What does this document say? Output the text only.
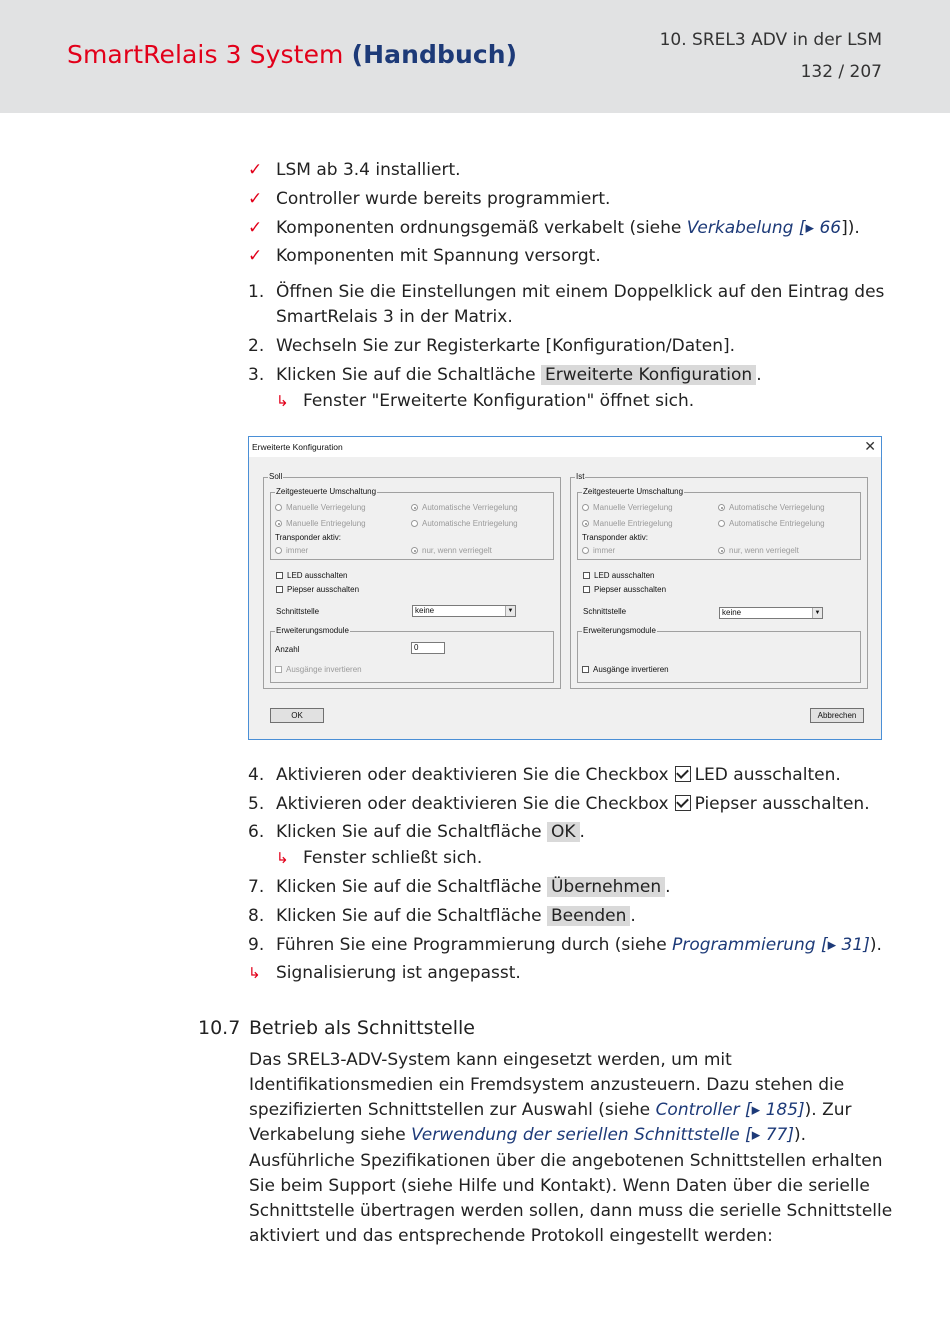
SmartRelais 3 System (Handbuch)	10. SREL3 ADV in der LSM
132 / 207
✓ LSM ab 3.4 installiert.
✓ Controller wurde bereits programmiert.
✓ Komponenten ordnungsgemäß verkabelt (siehe Verkabelung [▸ 66]).
✓ Komponenten mit Spannung versorgt.
1. Öffnen Sie die Einstellungen mit einem Doppelklick auf den Eintrag des
SmartRelais 3 in der Matrix.
2. Wechseln Sie zur Registerkarte [Konfiguration/Daten].
3. Klicken Sie auf die Schaltläche Erweiterte Konfiguration .
↳ Fenster "Erweiterte Konfiguration" öffnet sich.
Erweiterte Konfiguration	✕
Soll
Zeitgesteuerte Umschaltung
Manuelle Verriegelung	Automatische Verriegelung
Manuelle Entriegelung	Automatische Entriegelung
Transponder aktiv:
immer	nur, wenn verriegelt
LED ausschalten
Piepser ausschalten
Schnittstelle	keine	▼
Erweiterungsmodule
Anzahl	0
Ausgänge invertieren
Ist
Zeitgesteuerte Umschaltung
Manuelle Verriegelung	Automatische Verriegelung
Manuelle Entriegelung	Automatische Entriegelung
Transponder aktiv:
immer	nur, wenn verriegelt
LED ausschalten
Piepser ausschalten
Schnittstelle	keine	▼
Erweiterungsmodule
Ausgänge invertieren
OK	Abbrechen
4. Aktivieren oder deaktivieren Sie die Checkbox LED ausschalten.
5. Aktivieren oder deaktivieren Sie die Checkbox Piepser ausschalten.
6. Klicken Sie auf die Schaltfläche OK .
↳ Fenster schließt sich.
7. Klicken Sie auf die Schaltfläche Übernehmen .
8. Klicken Sie auf die Schaltfläche Beenden .
9. Führen Sie eine Programmierung durch (siehe Programmierung [▸ 31]).
↳ Signalisierung ist angepasst.
10.7 Betrieb als Schnittstelle
Das SREL3-ADV-System kann eingesetzt werden, um mit
Identifikationsmedien ein Fremdsystem anzusteuern. Dazu stehen die
spezifizierten Schnittstellen zur Auswahl (siehe Controller [▸ 185]). Zur
Verkabelung siehe Verwendung der seriellen Schnittstelle [▸ 77]).
Ausführliche Spezifikationen über die angebotenen Schnittstellen erhalten
Sie beim Support (siehe Hilfe und Kontakt). Wenn Daten über die serielle
Schnittstelle übertragen werden sollen, dann muss die serielle Schnittstelle
aktiviert und das entsprechende Protokoll eingestellt werden:
